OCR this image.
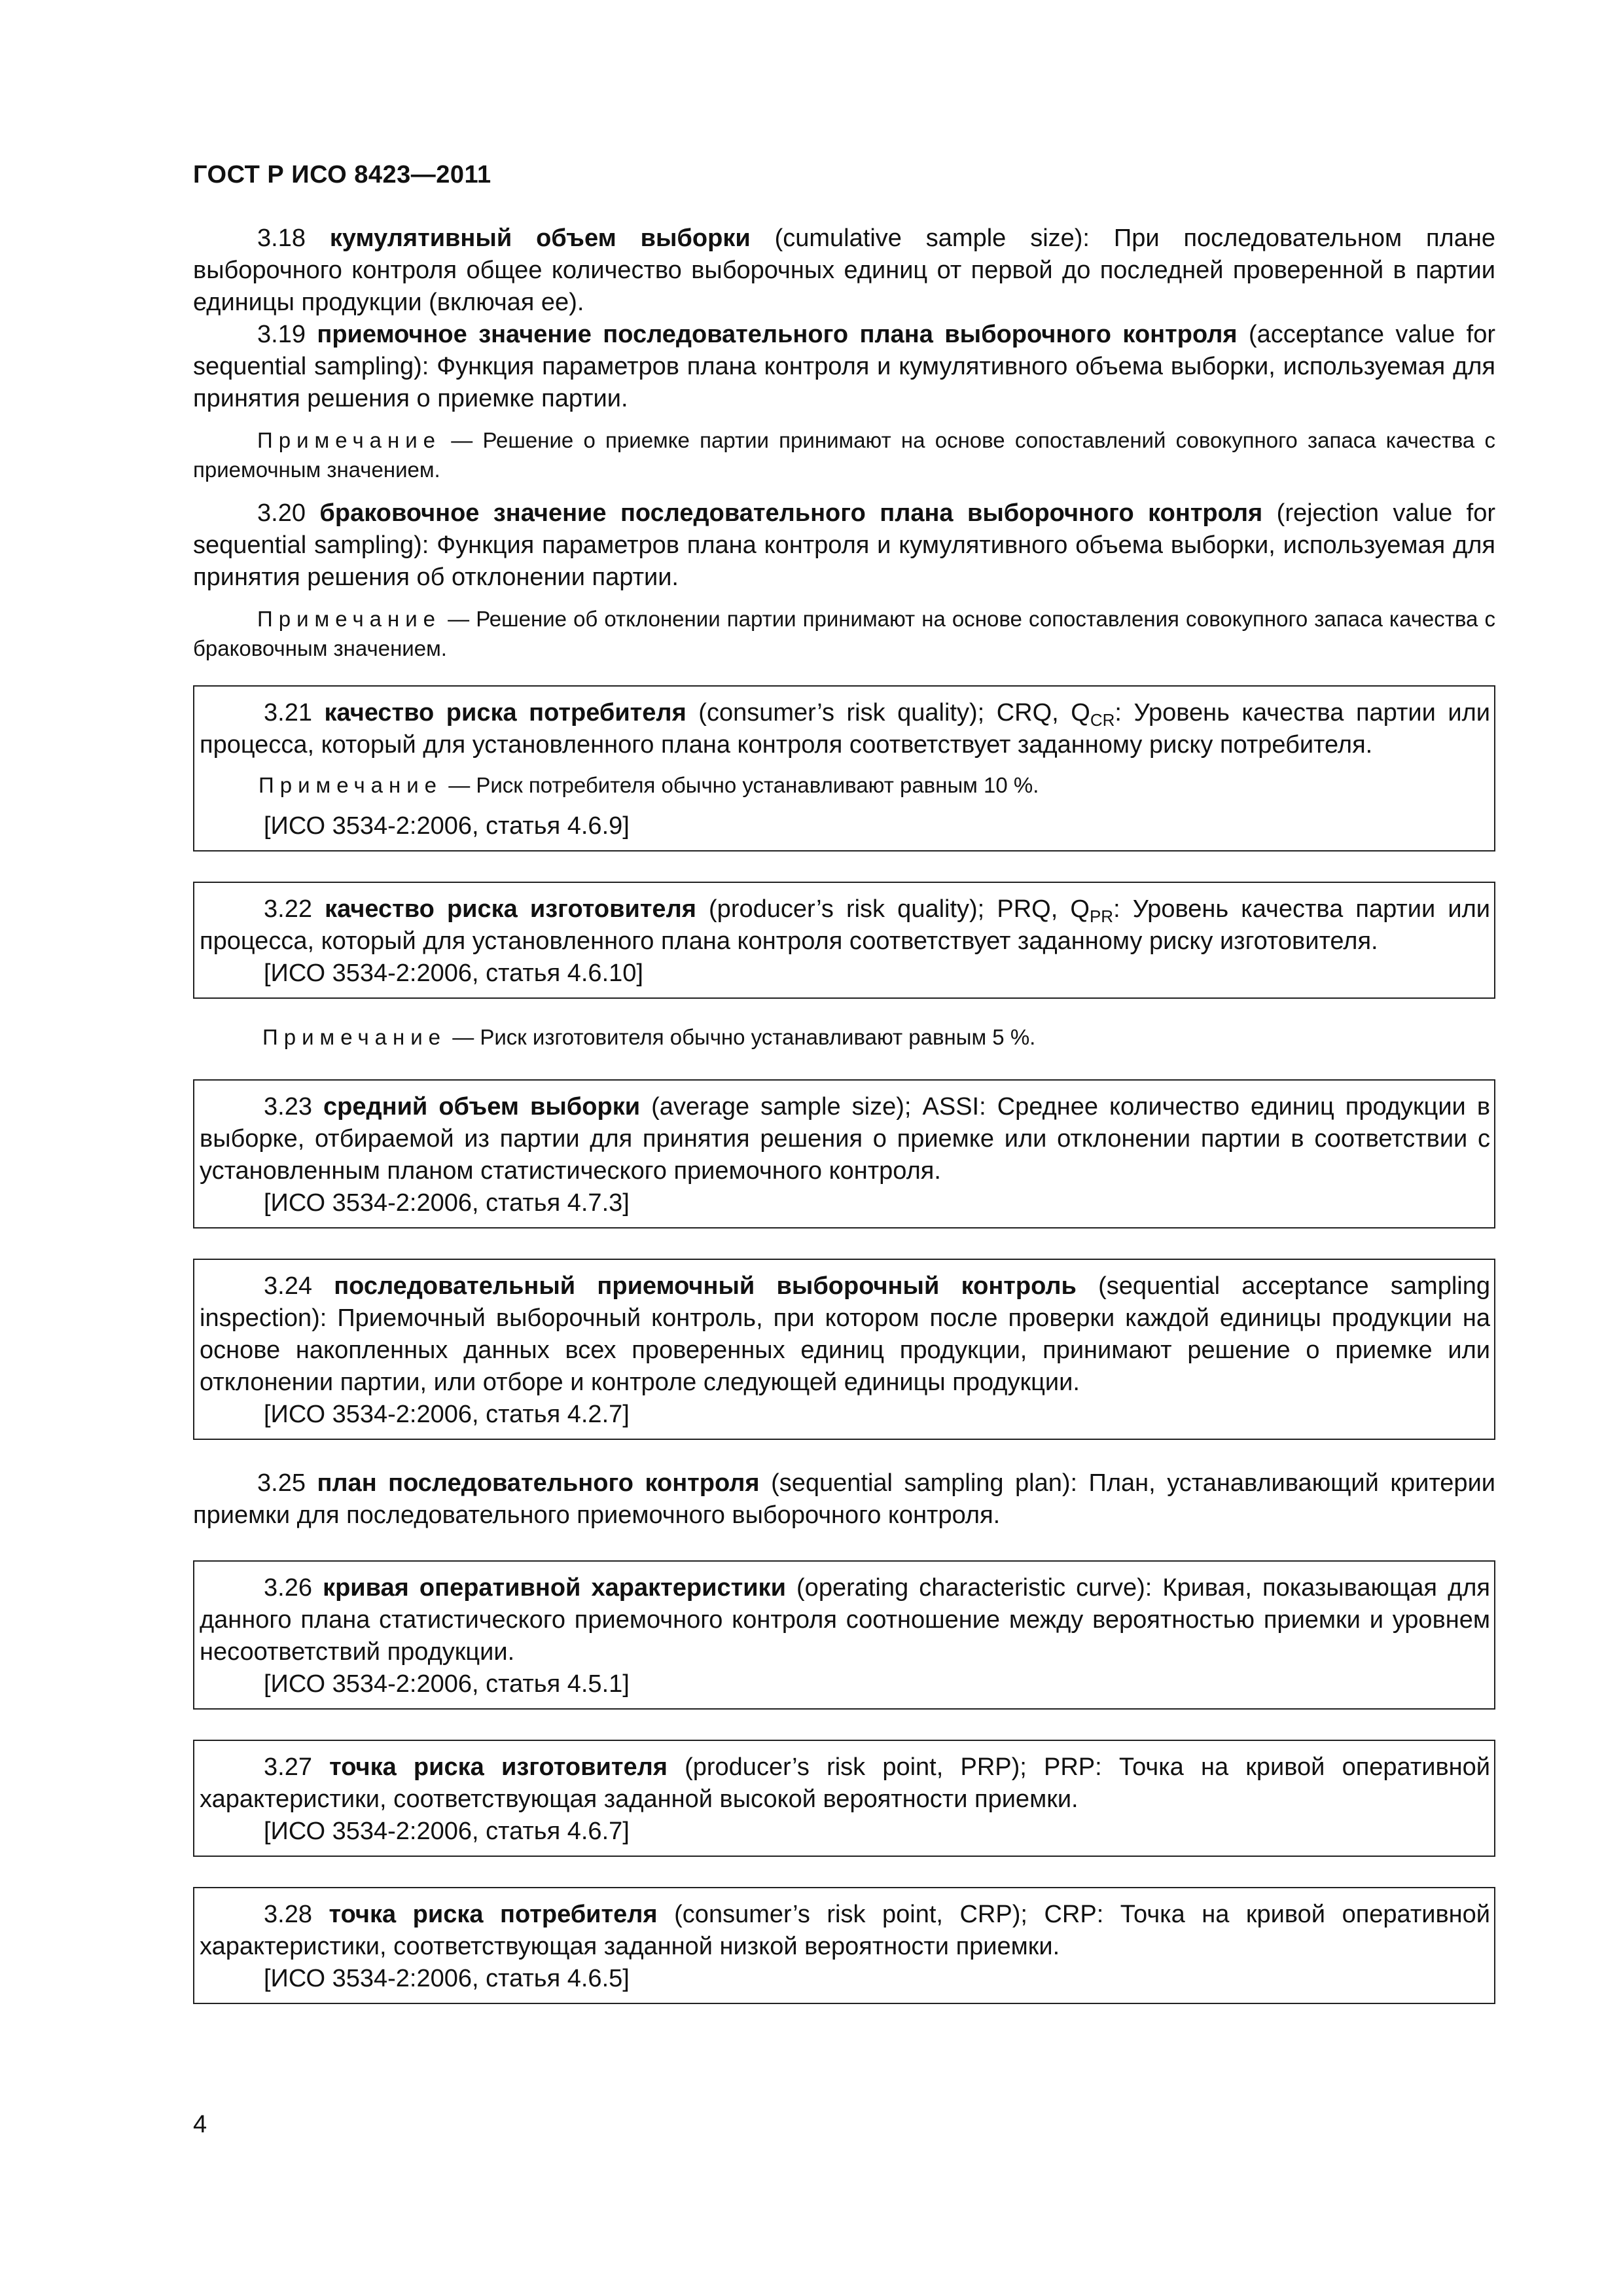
ГОСТ Р ИСО 8423—2011

3.18 кумулятивный объем выборки (cumulative sample size): При последовательном плане выборочного контроля общее количество выборочных единиц от первой до последней проверенной в партии единицы продукции (включая ее).

3.19 приемочное значение последовательного плана выборочного контроля (acceptance value for sequential sampling): Функция параметров плана контроля и кумулятивного объема выборки, используемая для принятия решения о приемке партии.

Примечание — Решение о приемке партии принимают на основе сопоставлений совокупного запаса качества с приемочным значением.

3.20 браковочное значение последовательного плана выборочного контроля (rejection value for sequential sampling): Функция параметров плана контроля и кумулятивного объема выборки, используемая для принятия решения об отклонении партии.

Примечание — Решение об отклонении партии принимают на основе сопоставления совокупного запаса качества с браковочным значением.

3.21 качество риска потребителя (consumer’s risk quality); CRQ, $Q_{CR}$: Уровень качества партии или процесса, который для установленного плана контроля соответствует заданному риску потребителя.

Примечание — Риск потребителя обычно устанавливают равным 10 %.

[ИСО 3534-2:2006, статья 4.6.9]

3.22 качество риска изготовителя (producer’s risk quality); PRQ, $Q_{PR}$: Уровень качества партии или процесса, который для установленного плана контроля соответствует заданному риску изготовителя.

[ИСО 3534-2:2006, статья 4.6.10]

Примечание — Риск изготовителя обычно устанавливают равным 5 %.

3.23 средний объем выборки (average sample size); ASSI: Среднее количество единиц продукции в выборке, отбираемой из партии для принятия решения о приемке или отклонении партии в соответствии с установленным планом статистического приемочного контроля.

[ИСО 3534-2:2006, статья 4.7.3]

3.24 последовательный приемочный выборочный контроль (sequential acceptance sampling inspection): Приемочный выборочный контроль, при котором после проверки каждой единицы продукции на основе накопленных данных всех проверенных единиц продукции, принимают решение о приемке или отклонении партии, или отборе и контроле следующей единицы продукции.

[ИСО 3534-2:2006, статья 4.2.7]

3.25 план последовательного контроля (sequential sampling plan): План, устанавливающий критерии приемки для последовательного приемочного выборочного контроля.

3.26 кривая оперативной характеристики (operating characteristic curve): Кривая, показывающая для данного плана статистического приемочного контроля соотношение между вероятностью приемки и уровнем несоответствий продукции.

[ИСО 3534-2:2006, статья 4.5.1]

3.27 точка риска изготовителя (producer’s risk point, PRP); PRP: Точка на кривой оперативной характеристики, соответствующая заданной высокой вероятности приемки.

[ИСО 3534-2:2006, статья 4.6.7]

3.28 точка риска потребителя (consumer’s risk point, CRP); CRP: Точка на кривой оперативной характеристики, соответствующая заданной низкой вероятности приемки.

[ИСО 3534-2:2006, статья 4.6.5]

4
